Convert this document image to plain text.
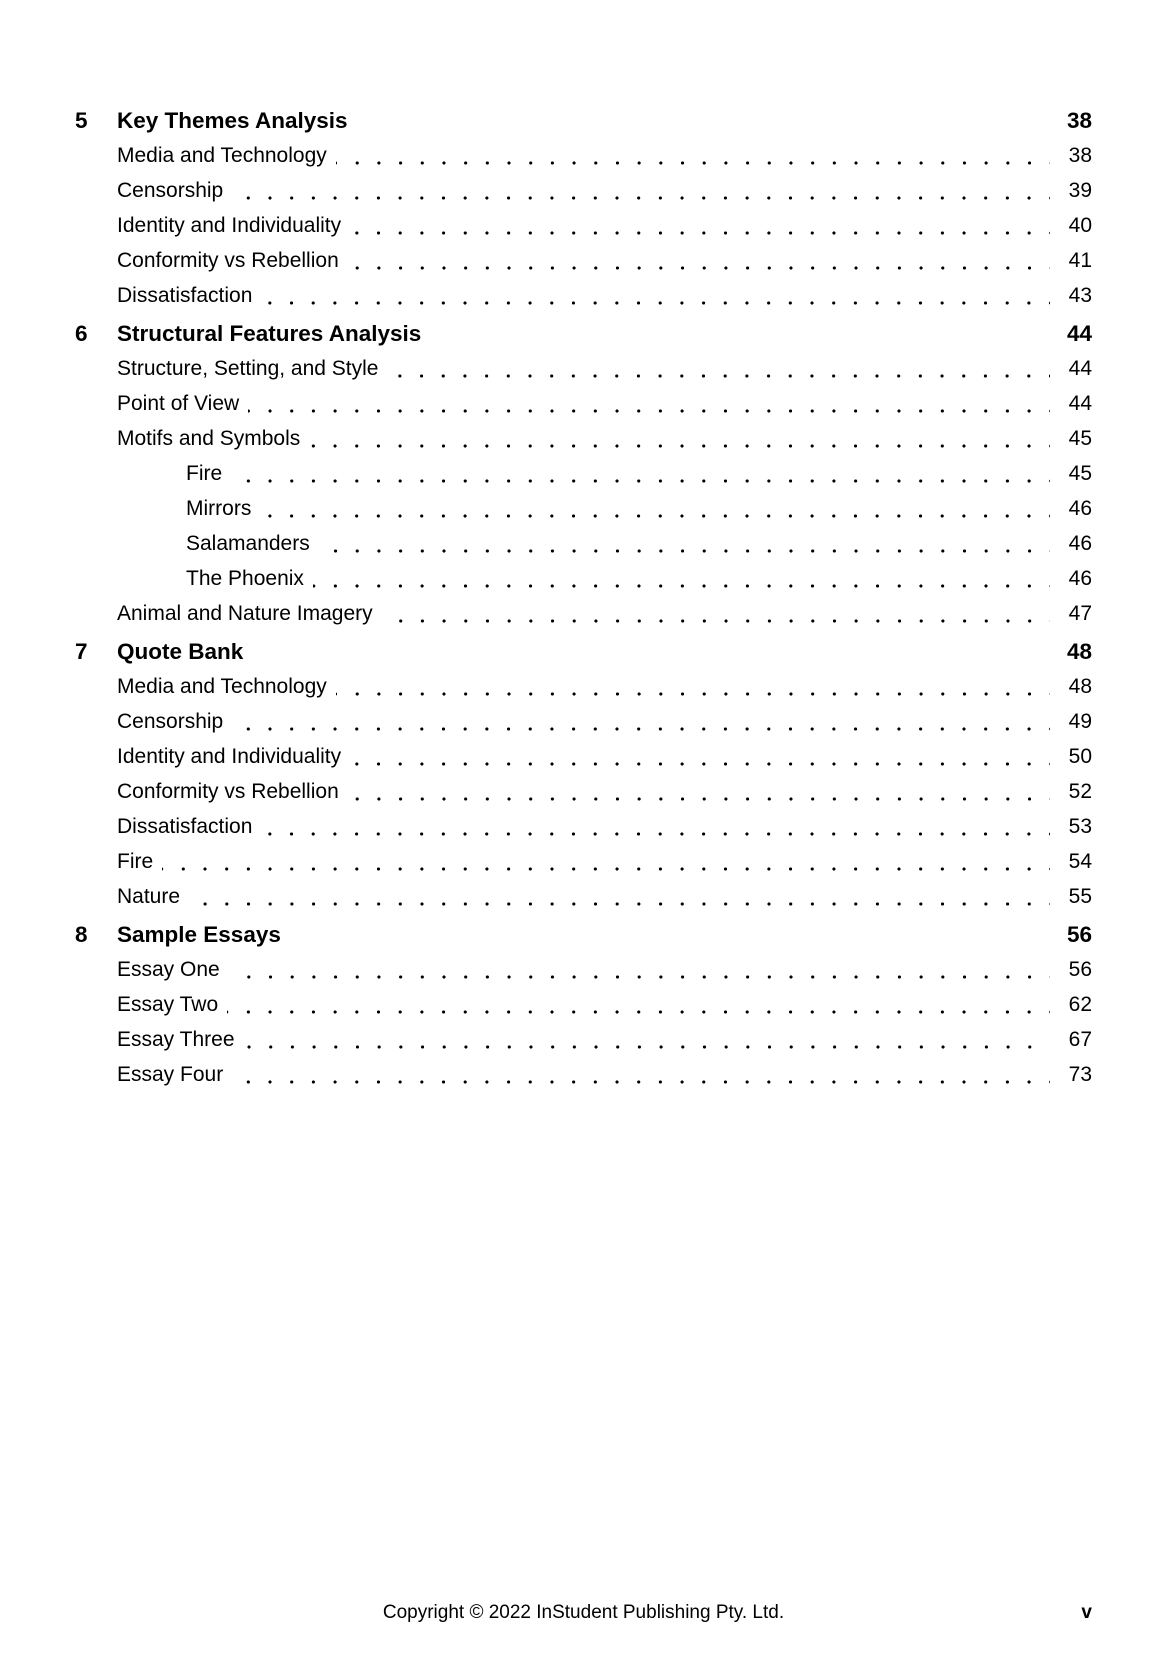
5	Key Themes Analysis	38
Media and Technology	38
Censorship	39
Identity and Individuality	40
Conformity vs Rebellion	41
Dissatisfaction	43
6	Structural Features Analysis	44
Structure, Setting, and Style	44
Point of View	44
Motifs and Symbols	45
Fire	45
Mirrors	46
Salamanders	46
The Phoenix	46
Animal and Nature Imagery	47
7	Quote Bank	48
Media and Technology	48
Censorship	49
Identity and Individuality	50
Conformity vs Rebellion	52
Dissatisfaction	53
Fire	54
Nature	55
8	Sample Essays	56
Essay One	56
Essay Two	62
Essay Three	67
Essay Four	73
Copyright © 2022 InStudent Publishing Pty. Ltd.	v
